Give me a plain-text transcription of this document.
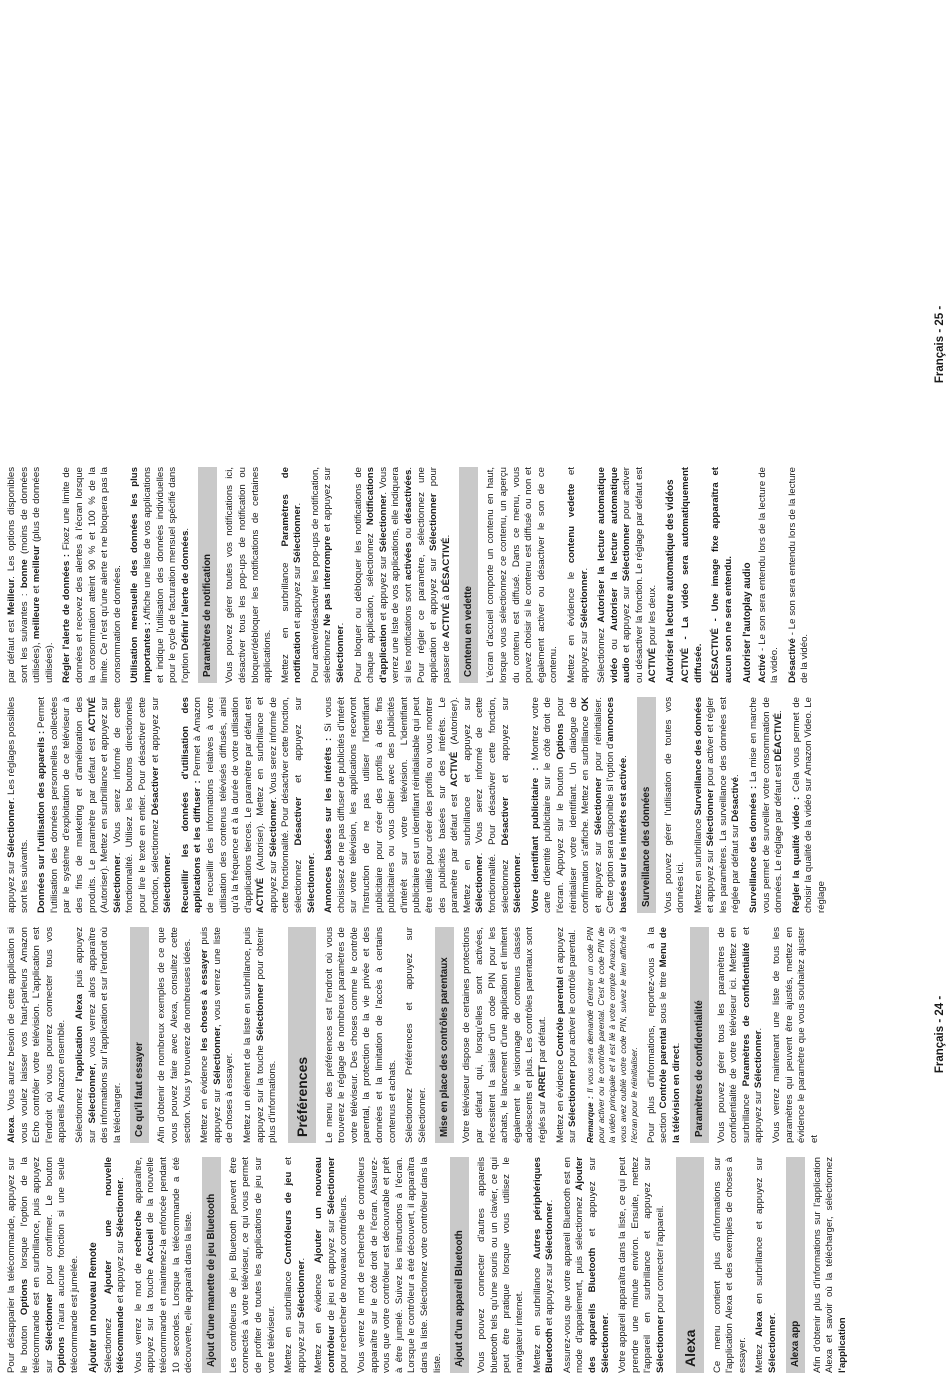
Pour désapparier la télécommande, appuyez sur le bouton Options lorsque l'option de la télécommande est en surbrillance, puis appuyez sur Sélectionner pour confirmer. Le bouton Options n'aura aucune fonction si une seule télécommande est jumelée. Ajouter un nouveau Remote Sélectionnez Ajouter une nouvelle télécommande et appuyez sur Sélectionner.

Vous verrez le mot de recherche apparaître, appuyez sur la touche Accueil de la nouvelle télécommande et maintenez-la enfoncée pendant 10 secondes. Lorsque la télécommande a été découverte, elle apparaît dans la liste.	Ajout d'une manette de jeu Bluetooth	Les contrôleurs de jeu Bluetooth peuvent être connectés à votre téléviseur, ce qui vous permet de profiter de toutes les applications de jeu sur votre téléviseur. Mettez en surbrillance Contrôleurs de jeu et appuyez sur Sélectionner.

Mettez en évidence Ajouter un nouveau contrôleur de jeu et appuyez sur Sélectionner pour rechercher de nouveaux contrôleurs. Vous verrez le mot de recherche de contrôleurs apparaître sur le côté droit de l'écran. Assurez-vous que votre contrôleur est découvrable et prêt à être jumelé. Suivez les instructions à l'écran. Lorsque le contrôleur a été découvert, il apparaîtra dans la liste. Sélectionnez votre contrôleur dans la liste.	Ajout d'un appareil Bluetooth	Vous pouvez connecter d'autres appareils bluetooth tels qu'une souris ou un clavier, ce qui peut être pratique lorsque vous utilisez le navigateur internet. Mettez en surbrillance Autres périphériques Bluetooth et appuyez sur Sélectionner. Assurez-vous que votre appareil Bluetooth est en mode d'appariement, puis sélectionnez Ajouter des appareils Bluetooth et appuyez sur Sélectionner. Votre appareil apparaîtra dans la liste, ce qui peut prendre une minute environ. Ensuite, mettez l'appareil en surbrillance et appuyez sur Sélectionner pour connecter l'appareil.

Alexa	Ce menu contient plus d'informations sur l'application Alexa et des exemples de choses à essayer. Mettez Alexa en surbrillance et appuyez sur Sélectionner.

Alexa app	Afin d'obtenir plus d'informations sur l'application Alexa et savoir où la télécharger, sélectionnez l'application

Alexa. Vous aurez besoin de cette application si vous voulez laisser vos haut-parleurs Amazon Echo contrôler votre télévision. L'application est l'endroit où vous pourrez connecter tous vos appareils Amazon ensemble. Sélectionnez l'application Alexa puis appuyez sur Sélectionner, vous verrez alors apparaître des informations sur l'application et sur l'endroit où la télécharger.	Ce qu'il faut essayer	Afin d'obtenir de nombreux exemples de ce que vous pouvez faire avec Alexa, consultez cette section. Vous y trouverez de nombreuses idées. Mettez en évidence les choses à essayer puis appuyez sur Sélectionner, vous verrez une liste de choses à essayer. Mettez un élément de la liste en surbrillance, puis appuyez sur la touche Sélectionner pour obtenir plus d'informations.	Préférences	Le menu des préférences est l'endroit où vous trouverez le réglage de nombreux paramètres de votre téléviseur. Des choses comme le contrôle parental, la protection de la vie privée et des données et la limitation de l'accès à certains contenus et achats. Sélectionnez Préférences et appuyez sur Sélectionner.	Mise en place des contrôles parentaux	Votre téléviseur dispose de certaines protections par défaut qui, lorsqu'elles sont activées, nécessitent la saisie d'un code PIN pour les achats, le lancement d'une application et limitent également le visionnage de contenus classés adolescents et plus. Les contrôles parentaux sont réglés sur ARRET par défaut.

Mettez en évidence Contrôle parental et appuyez sur Sélectionner pour activer le contrôle parental.

Remarque : Il vous sera demandé d'entrer un code PIN pour activer ou le contrôle parental. C'est le code PIN de la vidéo principale et il est lié à votre compte Amazon. Si vous avez oublié votre code PIN, suivez le lien affiché à l'écran pour le réinitialiser. Pour plus d'informations, reportez-vous à la section Contrôle parental sous le titre Menu de la télévision en direct.	Paramètres de confidentialité	Vous pouvez gérer tous les paramètres de confidentialité de votre téléviseur ici. Mettez en surbrillance Paramètres de confidentialité et appuyez sur Sélectionner. Vous verrez maintenant une liste de tous les paramètres qui peuvent être ajustés, mettez en évidence le paramètre que vous souhaitez ajuster et

appuyez sur Sélectionner. Les réglages possibles sont les suivants. Données sur l'utilisation des appareils : Permet l'utilisation des données personnelles collectées par le système d'exploitation de ce téléviseur à des fins de marketing et d'amélioration des produits. Le paramètre par défaut est ACTIVÉ (Autoriser). Mettez en surbrillance et appuyez sur Sélectionner. Vous serez informé de cette fonctionnalité. Utilisez les boutons directionnels pour lire le texte en entier. Pour désactiver cette fonction, sélectionnez Désactiver et appuyez sur Sélectionner. Recueillir les données d'utilisation des applications et les diffuser : Permet à Amazon de recueillir des informations relatives à votre utilisation des contenus télévisés diffusés, ainsi qu'à la fréquence et à la durée de votre utilisation d'applications tierces. Le paramètre par défaut est ACTIVÉ (Autoriser). Mettez en surbrillance et appuyez sur Sélectionner. Vous serez informé de cette fonctionnalité. Pour désactiver cette fonction, sélectionnez Désactiver et appuyez sur Sélectionner. Annonces basées sur les intérêts : Si vous choisissez de ne pas diffuser de publicités d'intérêt sur votre télévision, les applications recevront l'instruction de ne pas utiliser l'identifiant publicitaire pour créer des profils à des fins publicitaires ou vous cibler avec des publicités d'intérêt sur votre télévision. L'identifiant publicitaire est un identifiant réinitialisable qui peut être utilisé pour créer des profils ou vous montrer des publicités basées sur des intérêts. Le paramètre par défaut est ACTIVÉ (Autoriser). Mettez en surbrillance et appuyez sur Sélectionner. Vous serez informé de cette fonctionnalité. Pour désactiver cette fonction, sélectionnez Désactiver et appuyez sur Sélectionner. Votre identifiant publicitaire : Montrez votre carte d'identité publicitaire sur le côté droit de l'écran. Appuyez sur le bouton Options pour réinitialiser votre identifiant. Un dialogue de confirmation s'affiche. Mettez en surbrillance OK et appuyez sur Sélectionner pour réinitialiser. Cette option sera disponible si l'option d'annonces basées sur les intérêts est activée.

Surveillance des données	Vous pouvez gérer l'utilisation de toutes vos données ici. Mettez en surbrillance Surveillance des données et appuyez sur Sélectionner pour activer et régler les paramètres. La surveillance des données est réglée par défaut sur Désactivé.

Surveillance des données : La mise en marche vous permet de surveiller votre consommation de données. Le réglage par défaut est DÉACTIVÉ.

Régler la qualité vidéo : Cela vous permet de choisir la qualité de la vidéo sur Amazon Video. Le réglage

Français - 24 -

par défaut est Meilleur. Les options disponibles sont les suivantes : bonne (moins de données utilisées), meilleure et meilleur (plus de données utilisées). Régler l'alerte de données : Fixez une limite de données et recevez des alertes à l'écran lorsque la consommation atteint 90 % et 100 % de la limite. Ce n'est qu'une alerte et ne bloquera pas la consommation de données. Utilisation mensuelle des données les plus importantes : Affiche une liste de vos applications et indique l'utilisation des données individuelles pour le cycle de facturation mensuel spécifié dans l'option Définir l'alerte de données.

Paramètres de notification	Vous pouvez gérer toutes vos notifications ici, désactiver tous les pop-ups de notification ou bloquer/débloquer les notifications de certaines applications. Mettez en surbrillance Paramètres de notification et appuyez sur Sélectionner. Pour activer/désactiver les pop-ups de notification, sélectionnez Ne pas interrompre et appuyez sur Sélectionner. Pour bloquer ou débloquer les notifications de chaque application, sélectionnez Notifications d'application et appuyez sur Sélectionner. Vous verrez une liste de vos applications, elle indiquera si les notifications sont activées ou désactivées. Pour régler ce paramètre, sélectionnez une application et appuyez sur Sélectionner pour passer de ACTIVÉ à DÉSACTIVÉ.

Contenu en vedette	L'écran d'accueil comporte un contenu en haut, lorsque vous sélectionnez ce contenu, un aperçu du contenu est diffusé. Dans ce menu, vous pouvez choisir si le contenu est diffusé ou non et également activer ou désactiver le son de ce contenu. Mettez en évidence le contenu vedette et appuyez sur Sélectionner.

Sélectionnez Autoriser la lecture automatique vidéo ou Autoriser la lecture automatique audio et appuyez sur Sélectionner pour activer ou désactiver la fonction. Le réglage par défaut est ACTIVÉ pour les deux. Autoriser la lecture automatique des vidéos ACTIVÉ - La vidéo sera automatiquement diffusée. DÉSACTIVÉ - Une image fixe apparaîtra et aucun son ne sera entendu. Autoriser l'autoplay audio Activé - Le son sera entendu lors de la lecture de la vidéo. Désactivé - Le son sera entendu lors de la lecture de la vidéo.

Français - 25 -
